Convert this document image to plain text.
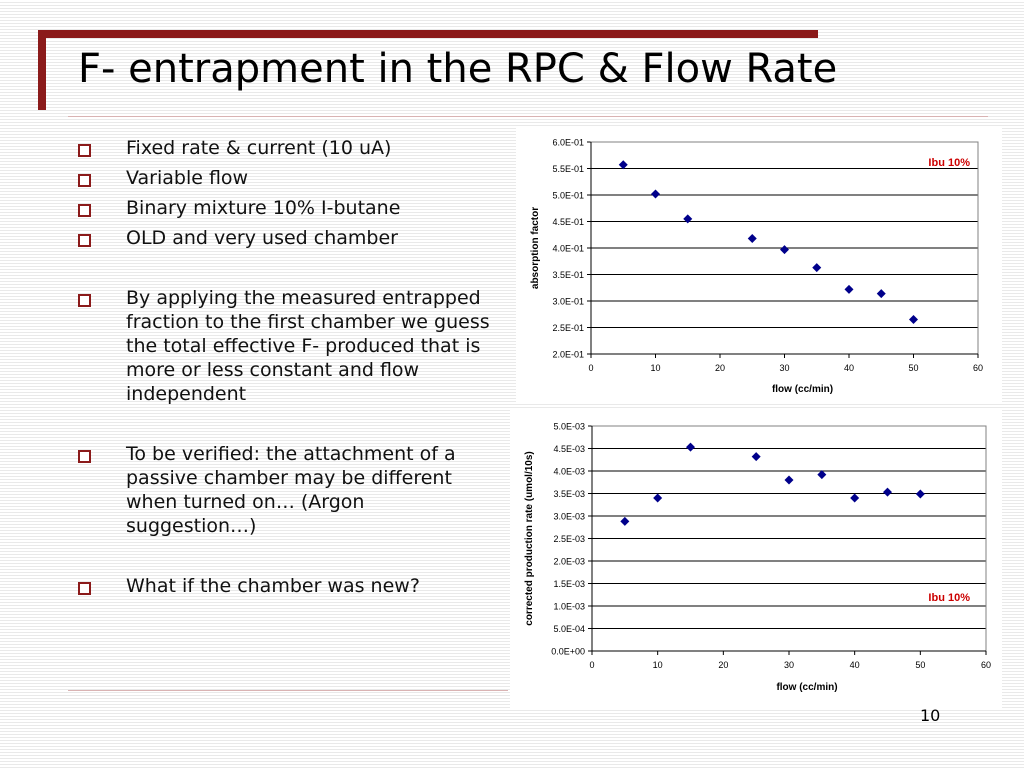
F- entrapment in the RPC & Flow Rate
Fixed rate & current (10 uA)
Variable flow
Binary mixture 10% I-butane
OLD and very used chamber
By applying the measured entrapped fraction to the first chamber we guess the total effective F- produced that is more or less constant and flow independent
To be verified: the attachment of a passive chamber may be different when turned on… (Argon suggestion…)
What if the chamber was new?
2.0E-01
2.5E-01
3.0E-01
3.5E-01
4.0E-01
4.5E-01
5.0E-01
5.5E-01
6.0E-01
0	10	20	30	40	50	60
flow (cc/min)
absorption factor
Ibu 10%
0.0E+00
5.0E-04
1.0E-03
1.5E-03
2.0E-03
2.5E-03
3.0E-03
3.5E-03
4.0E-03
4.5E-03
5.0E-03
0	10	20	30	40	50	60
flow (cc/min)
corrected production rate (umol/10s)	Ibu 10%
10
